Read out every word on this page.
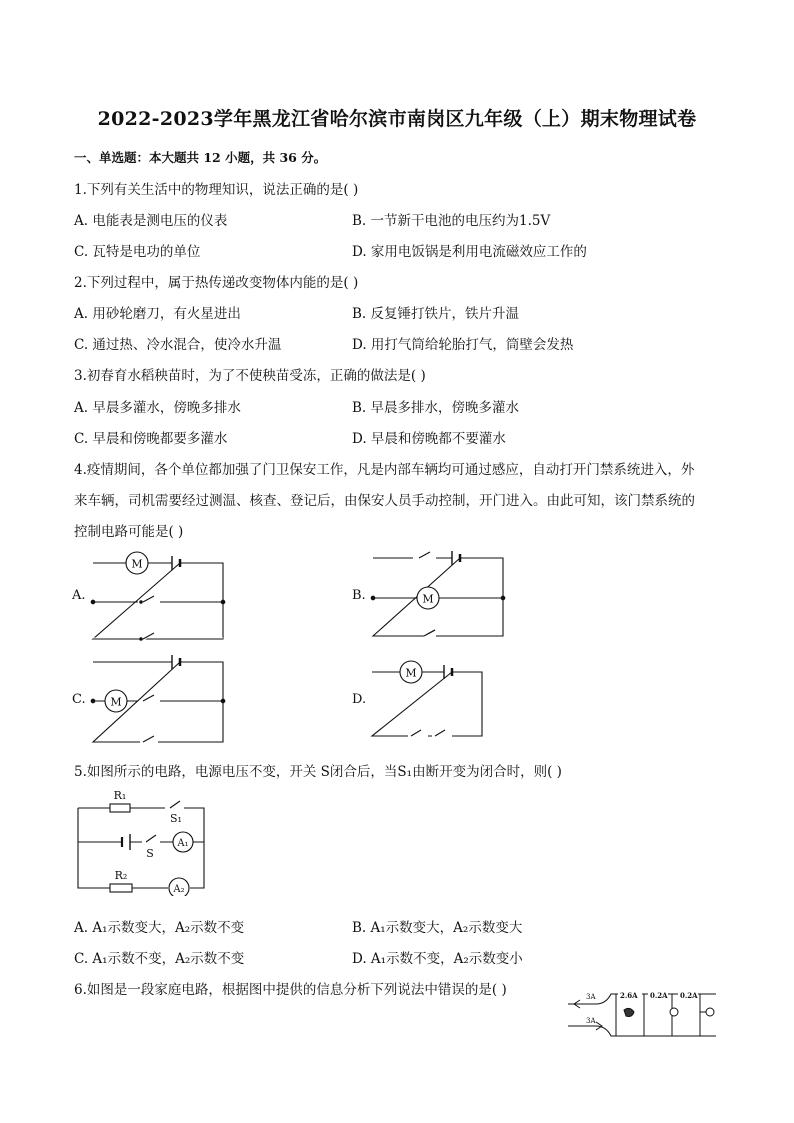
2022-2023学年黑龙江省哈尔滨市南岗区九年级（上）期末物理试卷
一、单选题：本大题共 12 小题，共 36 分。
1.下列有关生活中的物理知识，说法正确的是( )
A. 电能表是测电压的仪表	B. 一节新干电池的电压约为1.5V
C. 瓦特是电功的单位	D. 家用电饭锅是利用电流磁效应工作的
2.下列过程中，属于热传递改变物体内能的是( )
A. 用砂轮磨刀，有火星进出	B. 反复锤打铁片，铁片升温
C. 通过热、冷水混合，使冷水升温	D. 用打气筒给轮胎打气，筒壁会发热
3.初春育水稻秧苗时，为了不使秧苗受冻，正确的做法是( )
A. 早晨多灌水，傍晚多排水	B. 早晨多排水，傍晚多灌水
C. 早晨和傍晚都要多灌水	D. 早晨和傍晚都不要灌水
4.疫情期间，各个单位都加强了门卫保安工作，凡是内部车辆均可通过感应，自动打开门禁系统进入，外
来车辆，司机需要经过测温、核查、登记后，由保安人员手动控制，开门进入。由此可知，该门禁系统的
控制电路可能是( )
A.	B.
C.	D.
M
M
M
M
5.如图所示的电路，电源电压不变，开关 S闭合后，当S₁由断开变为闭合时，则( )
R₁
S₁
S
A₁
R₂
A₂
A. A₁示数变大，A₂示数不变	B. A₁示数变大，A₂示数变大
C. A₁示数不变，A₂示数不变	D. A₁示数不变，A₂示数变小
6.如图是一段家庭电路，根据图中提供的信息分析下列说法中错误的是( )	3A
3A
2.6A 0.2A 0.2A
